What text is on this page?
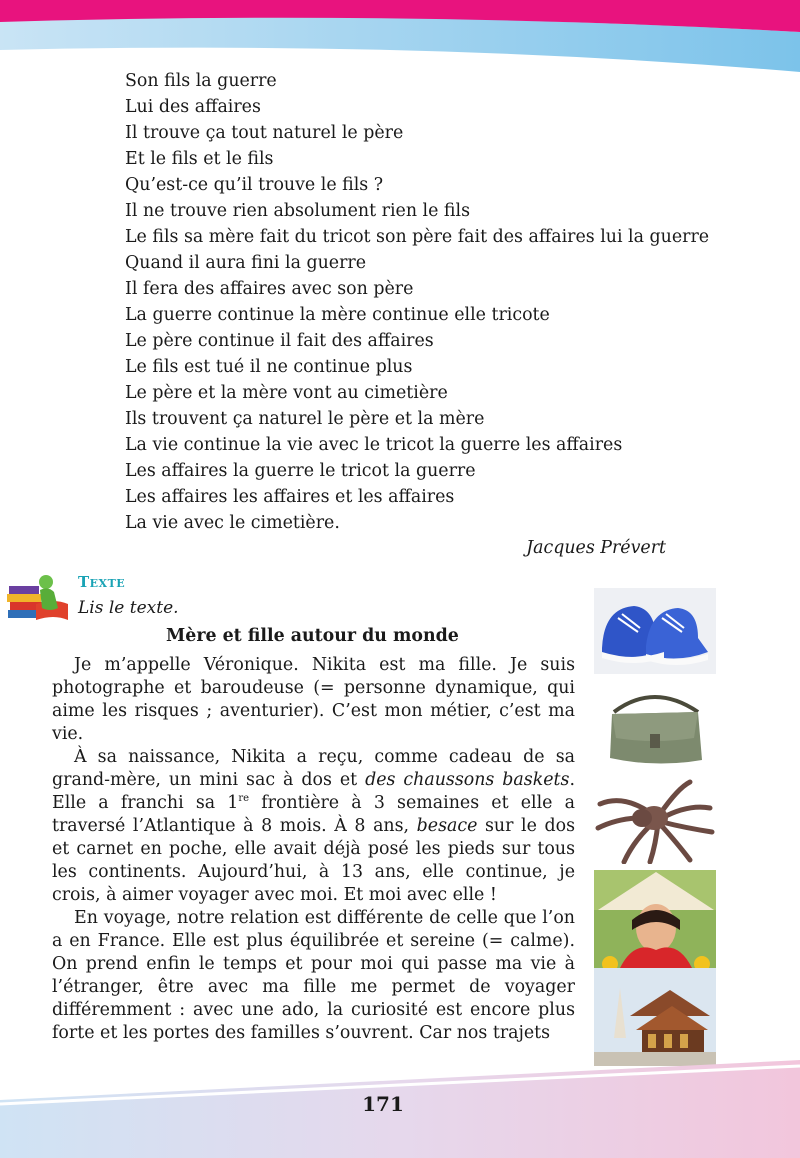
Son fils la guerre
Lui des affaires
Il trouve ça tout naturel le père
Et le fils et le fils
Qu’est-ce qu’il trouve le fils ?
Il ne trouve rien absolument rien le fils
Le fils sa mère fait du tricot son père fait des affaires lui la guerre
Quand il aura fini la guerre
Il fera des affaires avec son père
La guerre continue la mère continue elle tricote
Le père continue il fait des affaires
Le fils est tué il ne continue plus
Le père et la mère vont au cimetière
Ils trouvent ça naturel le père et la mère
La vie continue la vie avec le tricot la guerre les affaires
Les affaires la guerre le tricot la guerre
Les affaires les affaires et les affaires
La vie avec le cimetière.
Jacques Prévert
Texte
Lis le texte.
Mère et fille autour du monde

Je m’appelle Véronique. Nikita est ma fille. Je suis photographe et baroudeuse (= personne dynamique, qui aime les risques ; aventurier). C’est mon métier, c’est ma vie.

À sa naissance, Nikita a reçu, comme cadeau de sa grand-mère, un mini sac à dos et des chaussons baskets. Elle a franchi sa 1re frontière à 3 semaines et elle a traversé l’Atlantique à 8 mois. À 8 ans, besace sur le dos et carnet en poche, elle avait déjà posé les pieds sur tous les continents. Aujourd’hui, à 13 ans, elle continue, je crois, à aimer voyager avec moi. Et moi avec elle !

En voyage, notre relation est différente de celle que l’on a en France. Elle est plus équilibrée et sereine (= calme). On prend enfin le temps et pour moi qui passe ma vie à l’étranger, être avec ma fille me permet de voyager différemment : avec une ado, la curiosité est encore plus forte et les portes des familles s’ouvrent. Car nos trajets

171
